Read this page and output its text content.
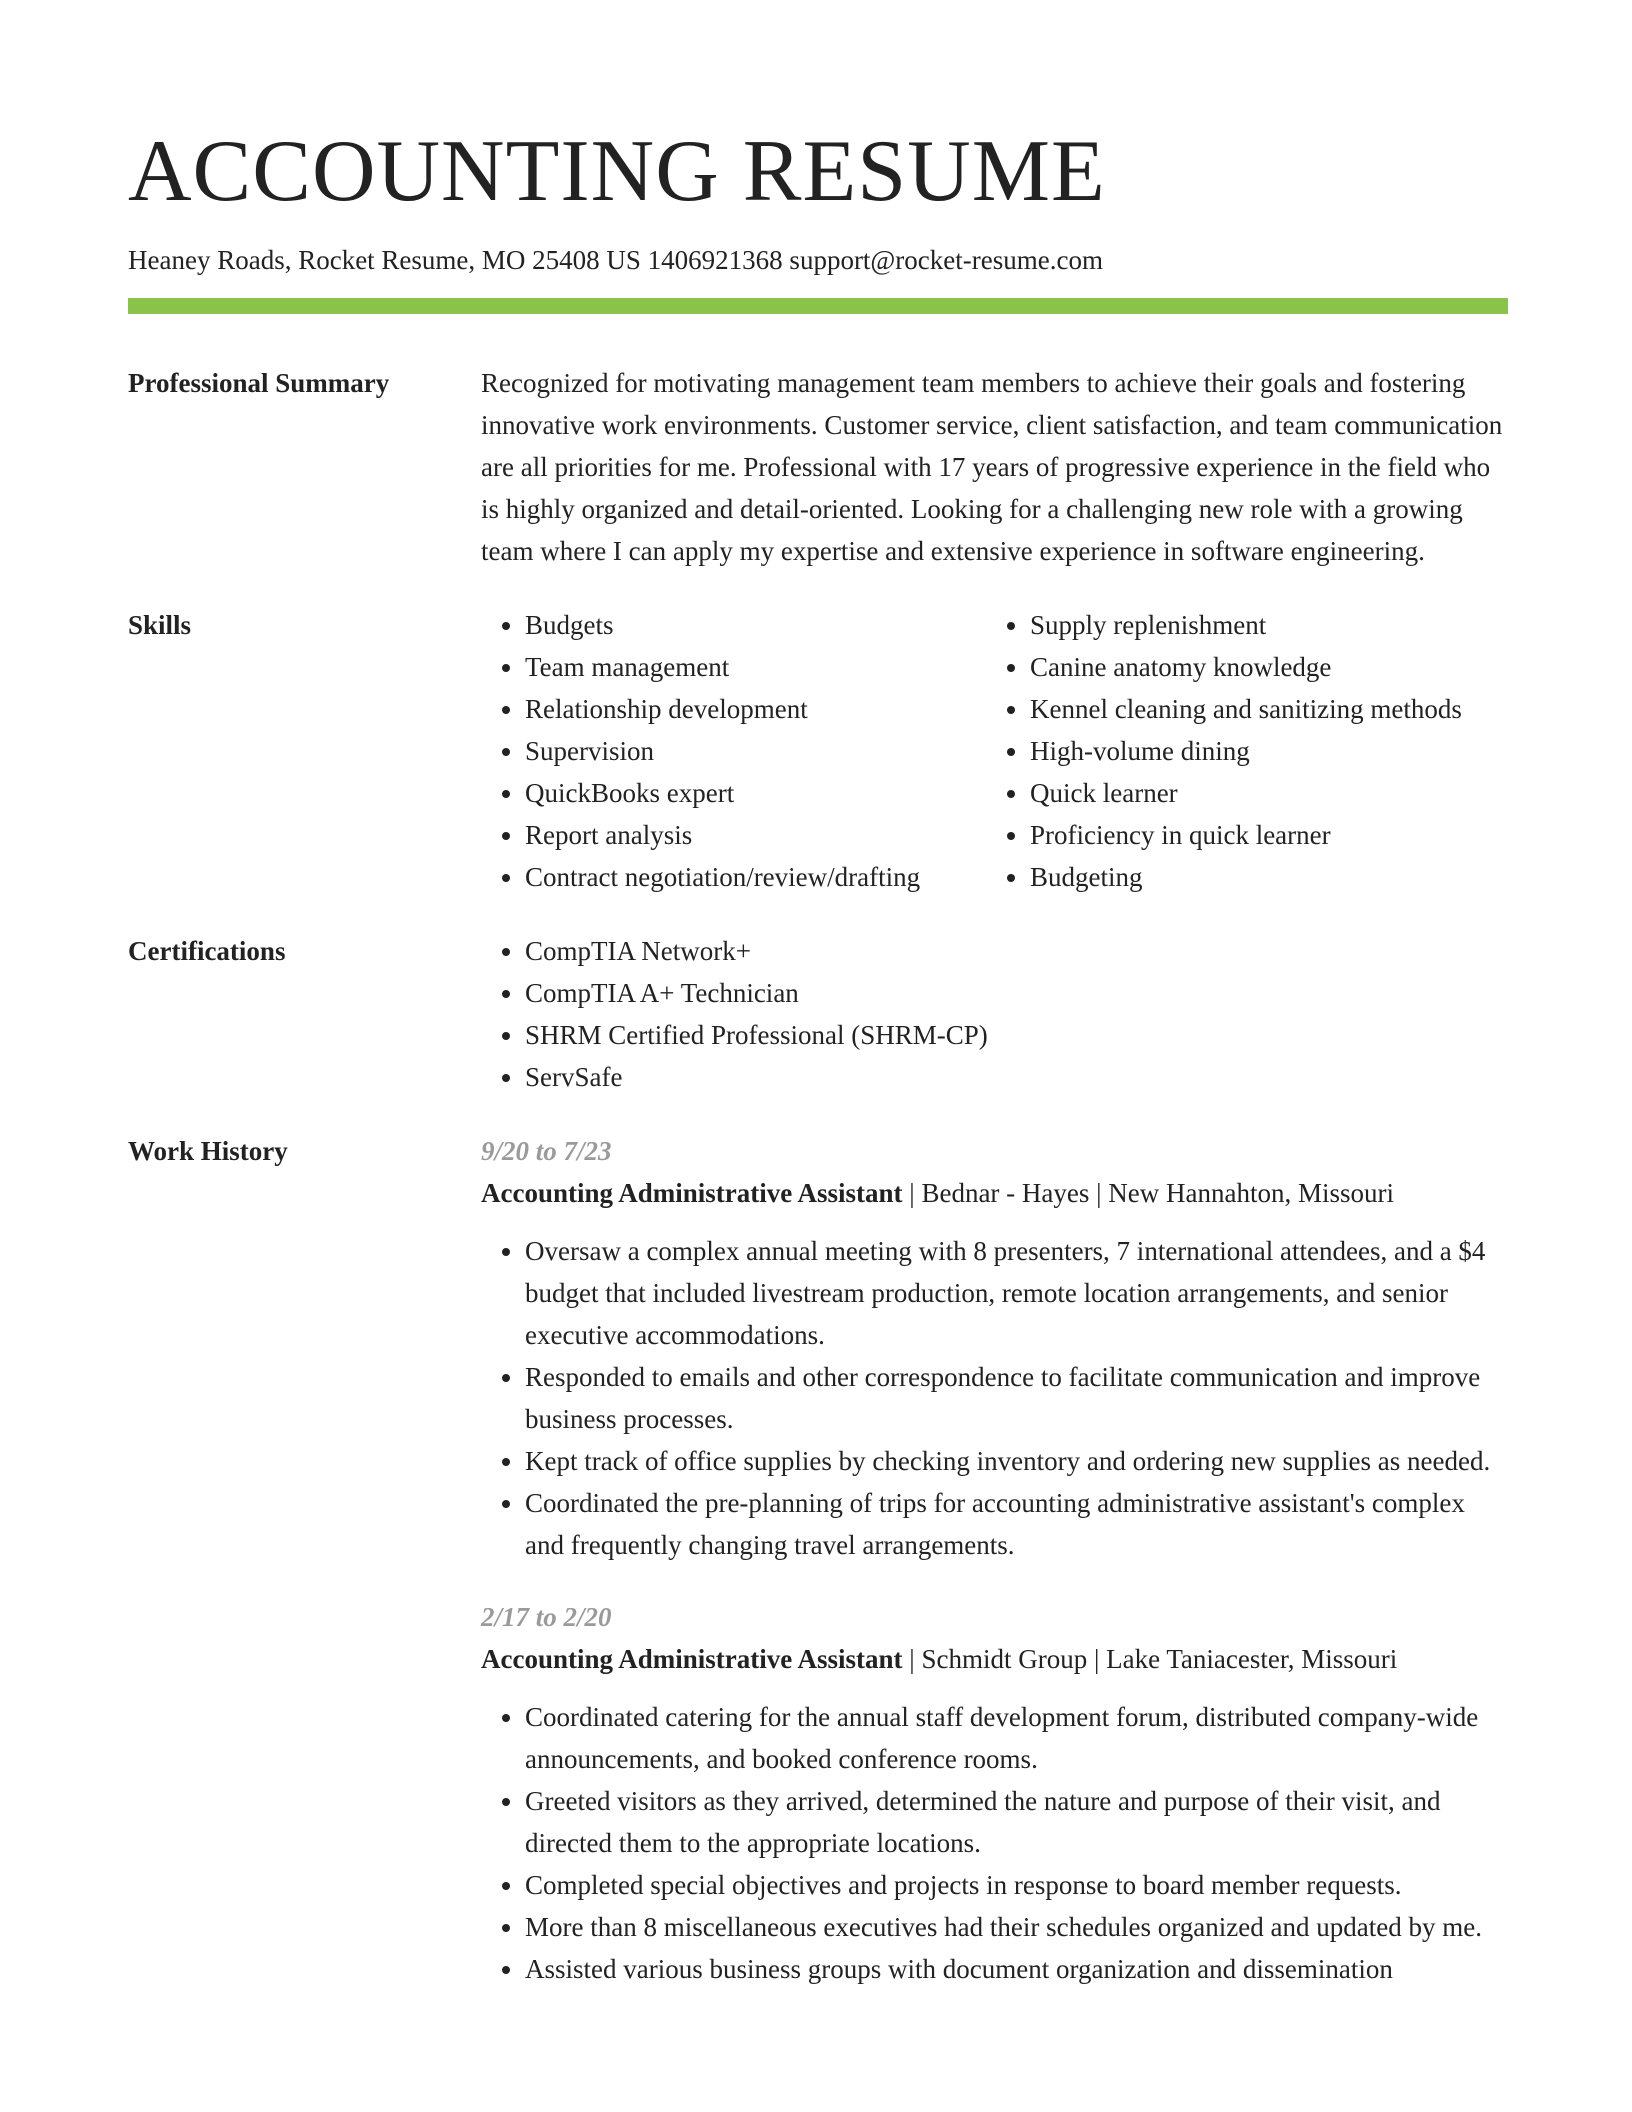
ACCOUNTING RESUME
Heaney Roads, Rocket Resume, MO 25408 US 1406921368 support@rocket-resume.com
Professional Summary	Recognized for motivating management team members to achieve their goals and fostering innovative work environments. Customer service, client satisfaction, and team communication are all priorities for me. Professional with 17 years of progressive experience in the field who is highly organized and detail-oriented. Looking for a challenging new role with a growing team where I can apply my expertise and extensive experience in software engineering.

Skills	• Budgets
• Team management
• Relationship development
• Supervision
• QuickBooks expert
• Report analysis
• Contract negotiation/review/drafting
• Supply replenishment
• Canine anatomy knowledge
• Kennel cleaning and sanitizing methods
• High-volume dining
• Quick learner
• Proficiency in quick learner
• Budgeting
Certifications	• CompTIA Network+
• CompTIA A+ Technician
• SHRM Certified Professional (SHRM-CP)
• ServSafe
Work History	9/20 to 7/23
Accounting Administrative Assistant | Bednar - Hayes | New Hannahton, Missouri
• Oversaw a complex annual meeting with 8 presenters, 7 international attendees, and a $4 budget that included livestream production, remote location arrangements, and senior executive accommodations.
• Responded to emails and other correspondence to facilitate communication and improve business processes.
• Kept track of office supplies by checking inventory and ordering new supplies as needed.
• Coordinated the pre-planning of trips for accounting administrative assistant's complex and frequently changing travel arrangements.
2/17 to 2/20
Accounting Administrative Assistant | Schmidt Group | Lake Taniacester, Missouri
• Coordinated catering for the annual staff development forum, distributed company-wide announcements, and booked conference rooms.
• Greeted visitors as they arrived, determined the nature and purpose of their visit, and directed them to the appropriate locations.
• Completed special objectives and projects in response to board member requests.
• More than 8 miscellaneous executives had their schedules organized and updated by me.
• Assisted various business groups with document organization and dissemination
